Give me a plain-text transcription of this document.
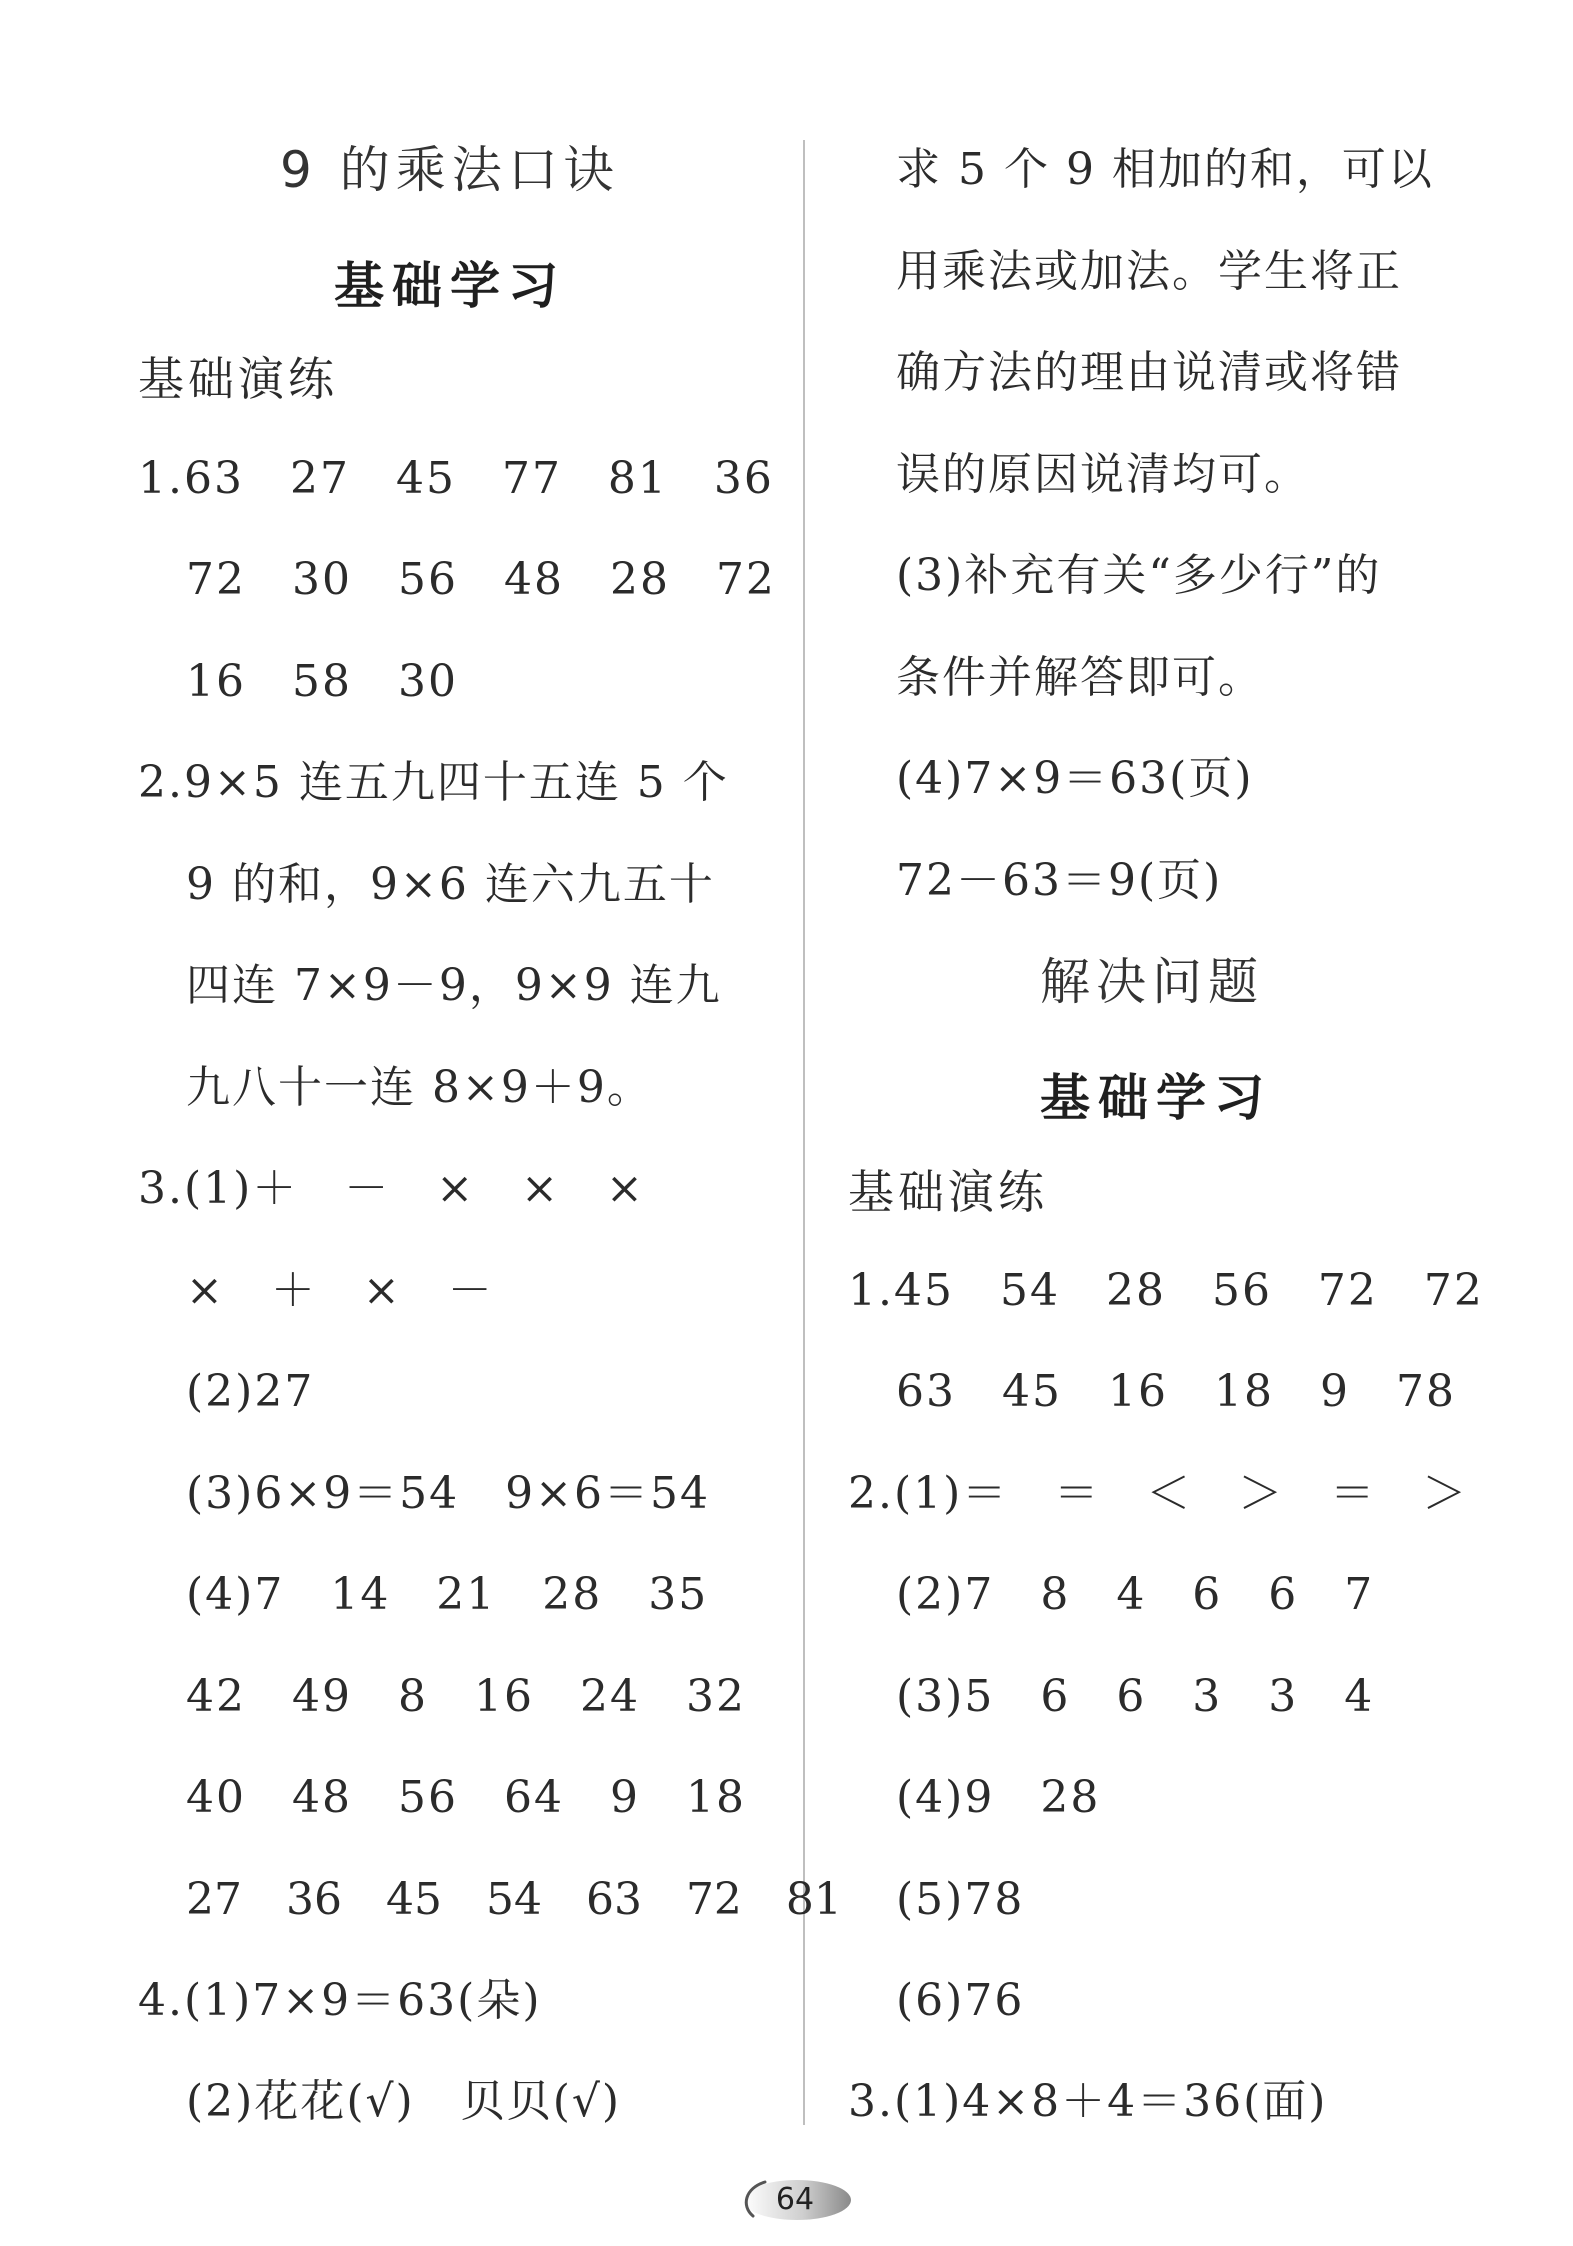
9 的乘法口诀
基础学习
基础演练
1.63　27　45　77　81　36
72　30　56　48　28　72
16　58　30
2.9×5 连五九四十五连 5 个
9 的和，9×6 连六九五十
四连 7×9－9，9×9 连九
九八十一连 8×9＋9。
3.(1)＋　－　×　×　×
×　＋　×　－
(2)27
(3)6×9＝54　9×6＝54
(4)7　14　21　28　35
42　49　8　16　24　32
40　48　56　64　9　18
27　36　45　54　63　72　81
4.(1)7×9＝63(朵)
(2)花花(√)　贝贝(√)
求 5 个 9 相加的和，可以
用乘法或加法。学生将正
确方法的理由说清或将错
误的原因说清均可。
(3)补充有关“多少行”的
条件并解答即可。
(4)7×9＝63(页)
72－63＝9(页)
解决问题
基础学习
基础演练
1.45　54　28　56　72　72
63　45　16　18　9　78
2.(1)＝　＝　＜　＞　＝　＞
(2)7　8　4　6　6　7
(3)5　6　6　3　3　4
(4)9　28
(5)78
(6)76
3.(1)4×8＋4＝36(面)
64
